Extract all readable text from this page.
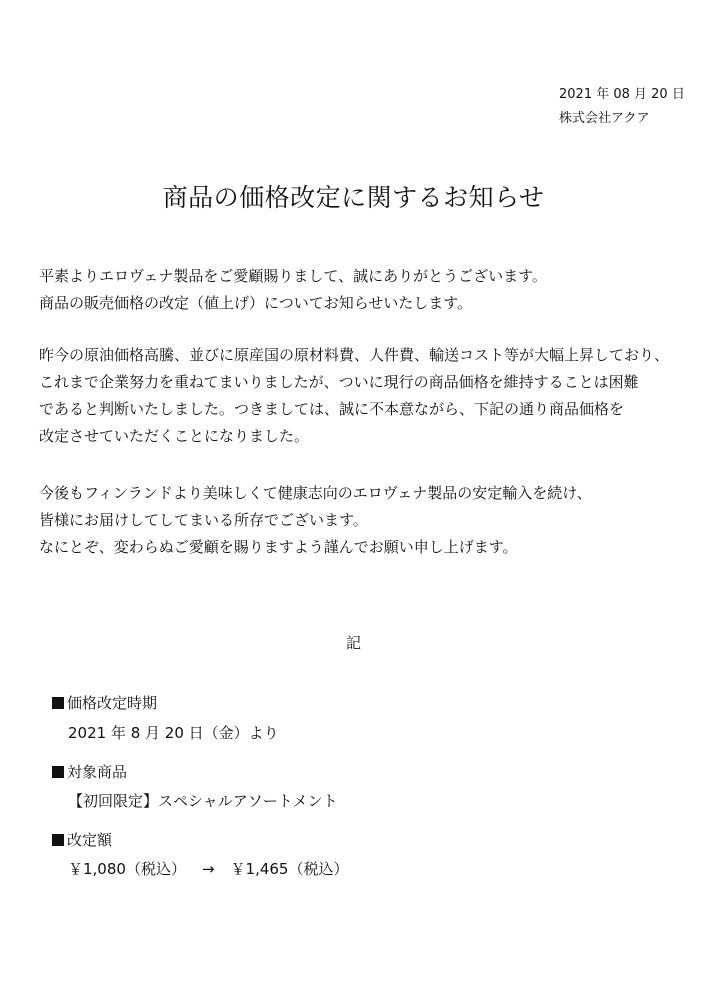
2021 年 08 月 20 日
株式会社アクア
商品の価格改定に関するお知らせ
平素よりエロヴェナ製品をご愛顧賜りまして、誠にありがとうございます。
商品の販売価格の改定（値上げ）についてお知らせいたします。
昨今の原油価格高騰、並びに原産国の原材料費、人件費、輸送コスト等が大幅上昇しており、
これまで企業努力を重ねてまいりましたが、ついに現行の商品価格を維持することは困難
であると判断いたしました。つきましては、誠に不本意ながら、下記の通り商品価格を
改定させていただくことになりました。
今後もフィンランドより美味しくて健康志向のエロヴェナ製品の安定輸入を続け、
皆様にお届けしてしてまいる所存でございます。
なにとぞ、変わらぬご愛顧を賜りますよう謹んでお願い申し上げます。
記
価格改定時期
2021 年 8 月 20 日（金）より
対象商品
【初回限定】スペシャルアソートメント
改定額
￥1,080（税込） → ￥1,465（税込）
